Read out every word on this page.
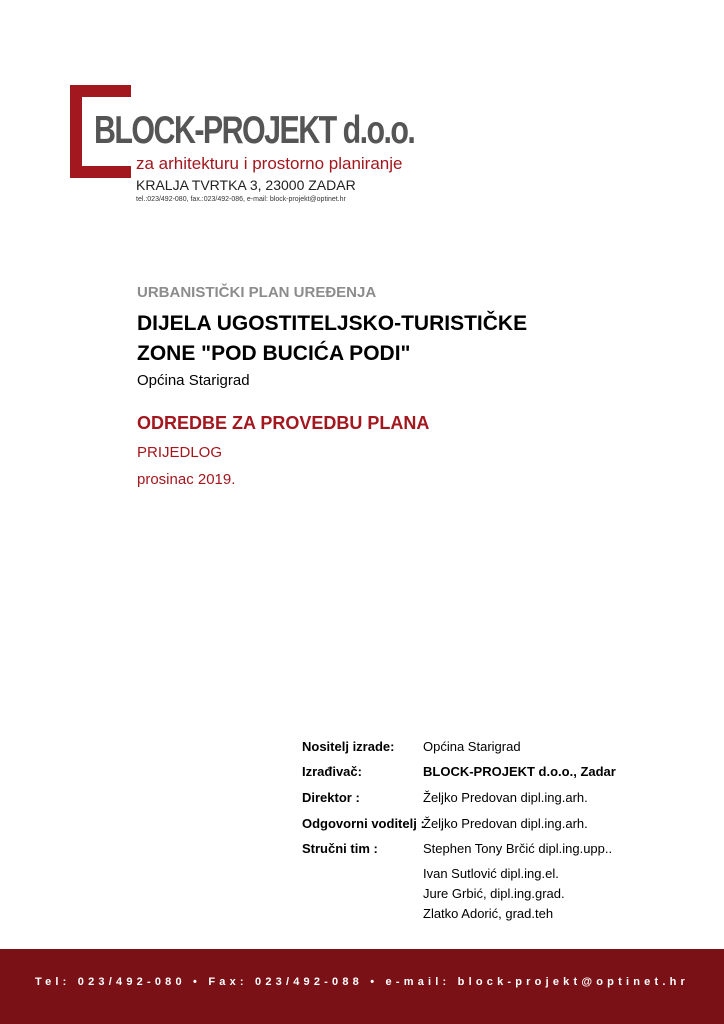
BLOCK-PROJEKT d.o.o.
za arhitekturu i prostorno planiranje
KRALJA TVRTKA 3, 23000 ZADAR
tel.:023/492-080, fax.:023/492-086, e-mail: block-projekt@optinet.hr
URBANISTIČKI PLAN UREĐENJA
DIJELA UGOSTITELJSKO-TURISTIČKE
ZONE "POD BUCIĆA PODI"
Općina Starigrad
ODREDBE ZA PROVEDBU PLANA
PRIJEDLOG
prosinac 2019.
Nositelj izrade: Općina Starigrad
Izrađivač:	BLOCK-PROJEKT d.o.o., Zadar
Direktor :	Željko Predovan dipl.ing.arh.
Odgovorni voditelj :
Željko Predovan dipl.ing.arh.
Stručni tim :	Stephen Tony Brčić dipl.ing.upp..
Ivan Sutlović dipl.ing.el.
Jure Grbić, dipl.ing.grad.
Zlatko Adorić, grad.teh
Tel: 023/492-080 • Fax: 023/492-088 • e-mail: block-projekt@optinet.hr
